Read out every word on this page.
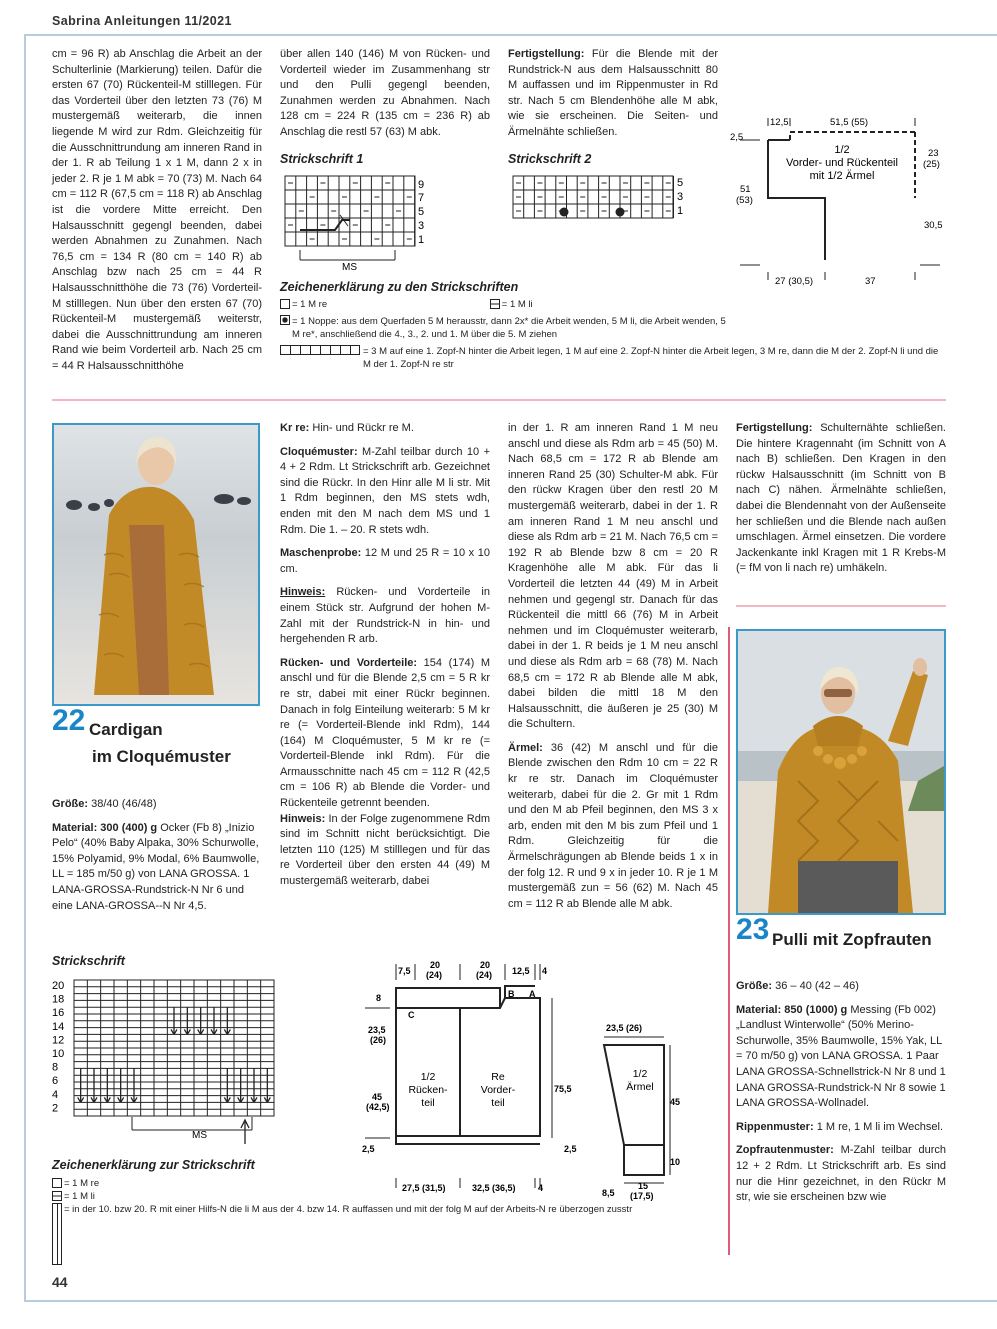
Sabrina Anleitungen 11/2021
cm = 96 R) ab Anschlag die Arbeit an der Schulterlinie (Markierung) teilen. Dafür die ersten 67 (70) Rückenteil-M stilllegen. Für das Vorderteil über den letzten 73 (76) M mustergemäß weiterarb, die innen liegende M wird zur Rdm. Gleichzeitig für die Ausschnittrundung am inneren Rand in der 1. R ab Teilung 1 x 1 M, dann 2 x in jeder 2. R je 1 M abk = 70 (73) M. Nach 64 cm = 112 R (67,5 cm = 118 R) ab Anschlag ist die vordere Mitte erreicht. Den Halsausschnitt gegengl beenden, dabei werden Abnahmen zu Zunahmen. Nach 76,5 cm = 134 R (80 cm = 140 R) ab Anschlag bzw nach 25 cm = 44 R Halsausschnitthöhe die 73 (76) Vorderteil-M stilllegen. Nun über den ersten 67 (70) Rückenteil-M mustergemäß weiterstr, dabei die Ausschnittrundung am inneren Rand wie beim Vorderteil arb. Nach 25 cm = 44 R Halsausschnitthöhe
über allen 140 (146) M von Rücken- und Vorderteil wieder im Zusammenhang str und den Pulli gegengl beenden, Zunahmen werden zu Abnahmen. Nach 128 cm = 224 R (135 cm = 236 R) ab Anschlag die restl 57 (63) M abk.
Fertigstellung: Für die Blende mit der Rundstrick-N aus dem Halsausschnitt 80 M auffassen und im Rippenmuster in Rd str. Nach 5 cm Blendenhöhe alle M abk, wie sie erscheinen. Die Seiten- und Ärmelnähte schließen.
Strickschrift 1
9
7
5
3
1
MS
Strickschrift 2
5
3
1
Zeichenerklärung zu den Strickschriften
= 1 M re	= 1 M li
= 1 Noppe: aus dem Querfaden 5 M herausstr, dann 2x* die Arbeit wenden, 5 M li, die Arbeit wenden, 5 M re*, anschließend die 4., 3., 2. und 1. M über die 5. M ziehen
= 3 M auf eine 1. Zopf-N hinter die Arbeit legen, 1 M auf eine 2. Zopf-N hinter die Arbeit legen, 3 M re, dann die M der 2. Zopf-N li und die M der 1. Zopf-N re str
12,5	51,5 (55)
2,5
23 (25)
51 (53)
30,5
27 (30,5)	37
1/2 Vorder- und Rückenteil mit 1/2 Ärmel
22 Cardigan
im Cloquémuster

Größe: 38/40 (46/48)

Material: 300 (400) g Ocker (Fb 8) „Inizio Pelo“ (40% Baby Alpaka, 30% Schurwolle, 15% Polyamid, 9% Modal, 6% Baumwolle, LL = 185 m/50 g) von LANA GROSSA. 1 LANA-GROSSA-Rundstrick-N Nr 6 und eine LANA-GROSSA--N Nr 4,5.

Kr re: Hin- und Rückr re M.

Cloquémuster: M-Zahl teilbar durch 10 + 4 + 2 Rdm. Lt Strickschrift arb. Gezeichnet sind die Rückr. In den Hinr alle M li str. Mit 1 Rdm beginnen, den MS stets wdh, enden mit den M nach dem MS und 1 Rdm. Die 1. – 20. R stets wdh.

Maschenprobe: 12 M und 25 R = 10 x 10 cm.

Hinweis: Rücken- und Vorderteile in einem Stück str. Aufgrund der hohen M-Zahl mit der Rundstrick-N in hin- und hergehenden R arb.

Rücken- und Vorderteile: 154 (174) M anschl und für die Blende 2,5 cm = 5 R kr re str, dabei mit einer Rückr beginnen. Danach in folg Einteilung weiterarb: 5 M kr re (= Vorderteil-Blende inkl Rdm), 144 (164) M Cloquémuster, 5 M kr re (= Vorderteil-Blende inkl Rdm). Für die Armausschnitte nach 45 cm = 112 R (42,5 cm = 106 R) ab Blende die Vorder- und Rückenteile getrennt beenden.
Hinweis: In der Folge zugenommene Rdm sind im Schnitt nicht berücksichtigt. Die letzten 110 (125) M stilllegen und für das re Vorderteil über den ersten 44 (49) M mustergemäß weiterarb, dabei

in der 1. R am inneren Rand 1 M neu anschl und diese als Rdm arb = 45 (50) M. Nach 68,5 cm = 172 R ab Blende am inneren Rand 25 (30) Schulter-M abk. Für den rückw Kragen über den restl 20 M mustergemäß weiterarb, dabei in der 1. R am inneren Rand 1 M neu anschl und diese als Rdm arb = 21 M. Nach 76,5 cm = 192 R ab Blende bzw 8 cm = 20 R Kragenhöhe alle M abk. Für das li Vorderteil die letzten 44 (49) M in Arbeit nehmen und gegengl str. Danach für das Rückenteil die mittl 66 (76) M in Arbeit nehmen und im Cloquémuster weiterarb, dabei in der 1. R beids je 1 M neu anschl und diese als Rdm arb = 68 (78) M. Nach 68,5 cm = 172 R ab Blende alle M abk, dabei bilden die mittl 18 M den Halsausschnitt, die äußeren je 25 (30) M die Schultern.

Ärmel: 36 (42) M anschl und für die Blende zwischen den Rdm 10 cm = 22 R kr re str. Danach im Cloquémuster weiterarb, dabei für die 2. Gr mit 1 Rdm und den M ab Pfeil beginnen, den MS 3 x arb, enden mit den M bis zum Pfeil und 1 Rdm. Gleichzeitig für die Ärmelschrägungen ab Blende beids 1 x in der folg 12. R und 9 x in jeder 10. R je 1 M mustergemäß zun = 56 (62) M. Nach 45 cm = 112 R ab Blende alle M abk.

Fertigstellung: Schulternähte schließen. Die hintere Kragennaht (im Schnitt von A nach B) schließen. Den Kragen in den rückw Halsausschnitt (im Schnitt von B nach C) nähen. Ärmelnähte schließen, dabei die Blendennaht von der Außenseite her schließen und die Blende nach außen umschlagen. Ärmel einsetzen. Die vordere Jackenkante inkl Kragen mit 1 R Krebs-M (= fM von li nach re) umhäkeln.
Strickschrift
20
18
16
14
12
10
8
6
4
2
MS
Zeichenerklärung zur Strickschrift
= 1 M re
= 1 M li
= in der 10. bzw 20. R mit einer Hilfs-N die li M aus der 4. bzw 14. R auffassen und mit der folg M auf der Arbeits-N re überzogen zusstr
7,5
20 (24)
20 (24) 12,5 4
8
23,5 (26)
45 (42,5)
2,5
75,5
2,5
27,5 (31,5)	32,5 (36,5) 4
A
B
C
1/2 Rücken-teil
Re Vorder-teil
23,5 (26)
1/2 Ärmel
45
10
8,5
15 (17,5)
23 Pulli mit Zopfrauten

Größe: 36 – 40 (42 – 46)

Material: 850 (1000) g Messing (Fb 002) „Landlust Winterwolle“ (50% Merino-Schurwolle, 35% Baumwolle, 15% Yak, LL = 70 m/50 g) von LANA GROSSA. 1 Paar LANA GROSSA-Schnellstrick-N Nr 8 und 1 LANA GROSSA-Rundstrick-N Nr 8 sowie 1 LANA GROSSA-Wollnadel.

Rippenmuster: 1 M re, 1 M li im Wechsel.

Zopfrautenmuster: M-Zahl teilbar durch 12 + 2 Rdm. Lt Strickschrift arb. Es sind nur die Hinr gezeichnet, in den Rückr M str, wie sie erscheinen bzw wie

44
